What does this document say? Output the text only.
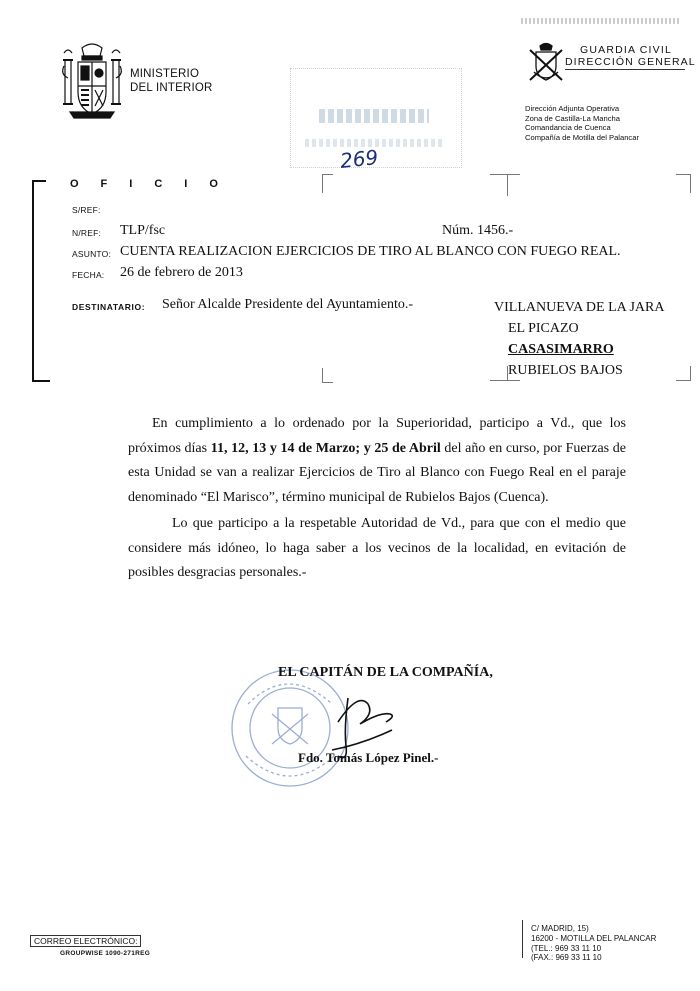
MINISTERIO
DEL INTERIOR
GUARDIA CIVIL
DIRECCIÓN GENERAL
Dirección Adjunta Operativa
Zona de Castilla-La Mancha
Comandancia de Cuenca
Compañía de Motilla del Palancar
269
OFICIO
S/REF:
N/REF: TLP/fsc	Núm. 1456.-
ASUNTO: CUENTA REALIZACION EJERCICIOS DE TIRO AL BLANCO CON FUEGO REAL.
FECHA: 26 de febrero de 2013
DESTINATARIO: Señor Alcalde Presidente del Ayuntamiento.-	VILLANUEVA DE LA JARA
EL PICAZO
CASASIMARRO
RUBIELOS BAJOS

En cumplimiento a lo ordenado por la Superioridad, participo a Vd., que los próximos días 11, 12, 13 y 14 de Marzo; y 25 de Abril del año en curso, por Fuerzas de esta Unidad se van a realizar Ejercicios de Tiro al Blanco con Fuego Real en el paraje denominado “El Marisco”, término municipal de Rubielos Bajos (Cuenca).

Lo que participo a la respetable Autoridad de Vd., para que con el medio que considere más idóneo, lo haga saber a los vecinos de la localidad, en evitación de posibles desgracias personales.-

EL CAPITÁN DE LA COMPAÑÍA,
Fdo. Tomás López Pinel.-
CORREO ELECTRÓNICO:
GROUPWISE 1090-271REG
C/ MADRID, 15)
16200 - MOTILLA DEL PALANCAR
(TEL.: 969 33 11 10
(FAX.: 969 33 11 10
